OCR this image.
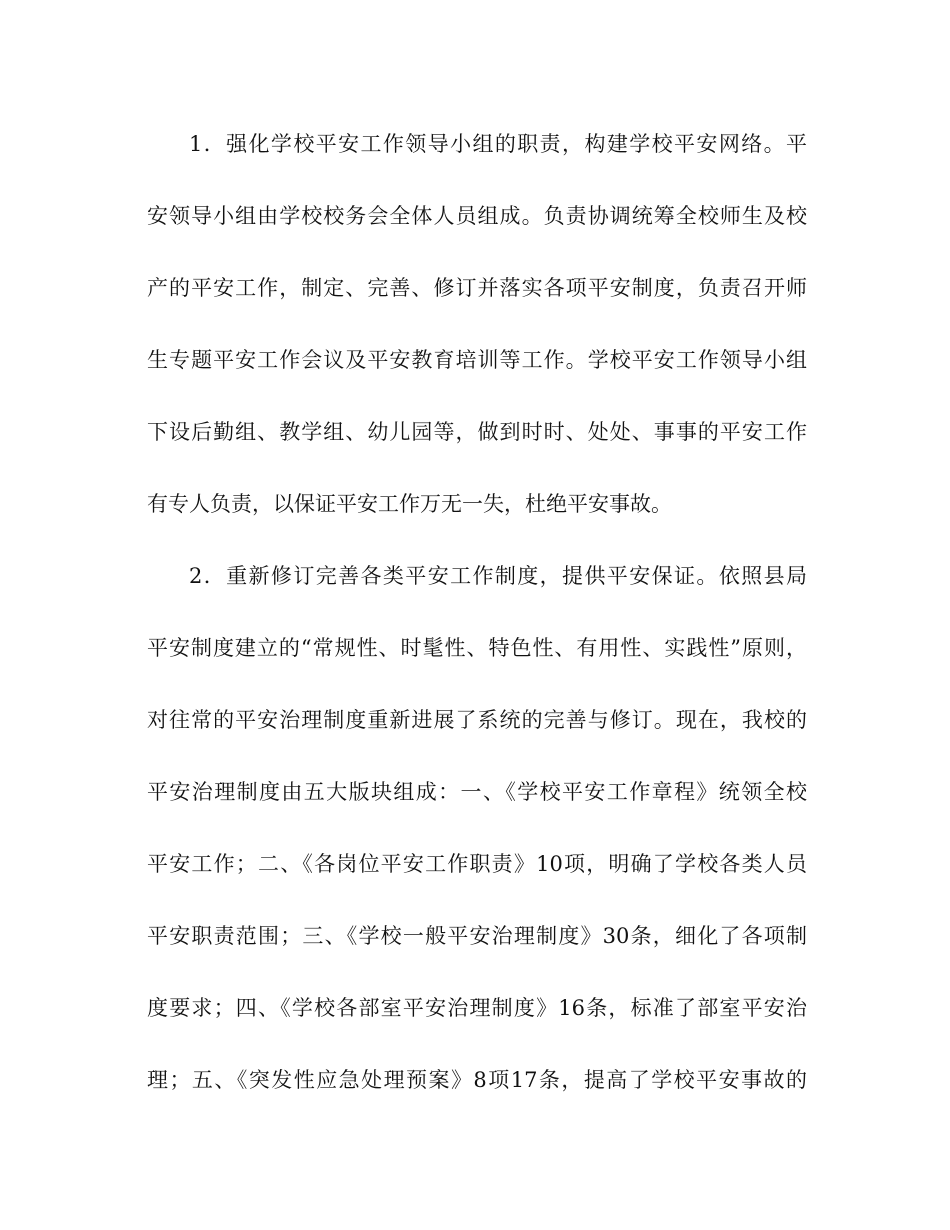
1．强化学校平安工作领导小组的职责，构建学校平安网络。平
安领导小组由学校校务会全体人员组成。负责协调统筹全校师生及校
产的平安工作，制定、完善、修订并落实各项平安制度，负责召开师
生专题平安工作会议及平安教育培训等工作。学校平安工作领导小组
下设后勤组、教学组、幼儿园等，做到时时、处处、事事的平安工作
有专人负责，以保证平安工作万无一失，杜绝平安事故。

2．重新修订完善各类平安工作制度，提供平安保证。依照县局
平安制度建立的“常规性、时髦性、特色性、有用性、实践性”原则，
对往常的平安治理制度重新进展了系统的完善与修订。现在，我校的
平安治理制度由五大版块组成：一、《学校平安工作章程》统领全校
平安工作；二、《各岗位平安工作职责》10项，明确了学校各类人员
平安职责范围；三、《学校一般平安治理制度》30条，细化了各项制
度要求；四、《学校各部室平安治理制度》16条，标准了部室平安治
理；五、《突发性应急处理预案》8项17条，提高了学校平安事故的
